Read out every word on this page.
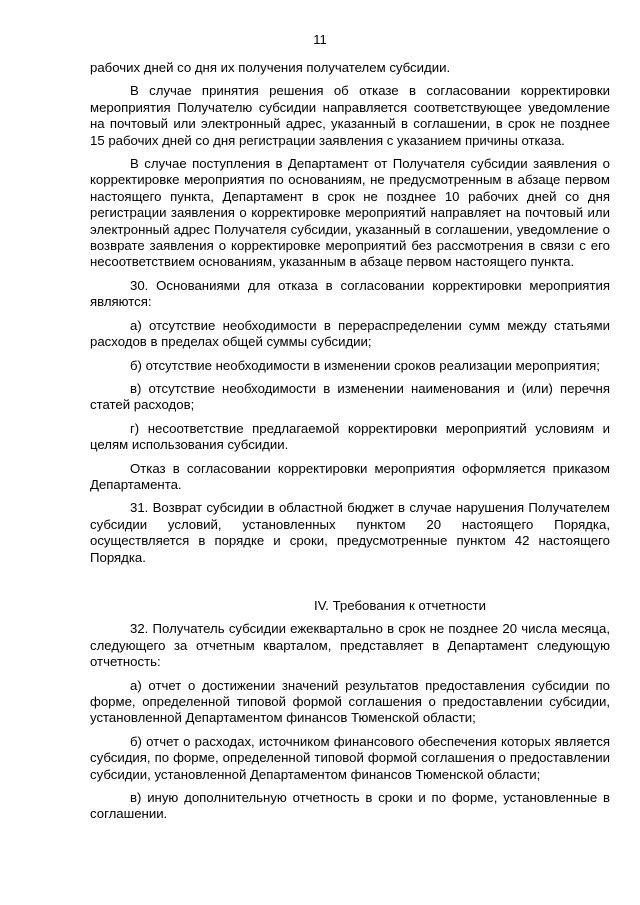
11

рабочих дней со дня их получения получателем субсидии.

В случае принятия решения об отказе в согласовании корректировки мероприятия Получателю субсидии направляется соответствующее уведомление на почтовый или электронный адрес, указанный в соглашении, в срок не позднее 15 рабочих дней со дня регистрации заявления с указанием причины отказа.

В случае поступления в Департамент от Получателя субсидии заявления о корректировке мероприятия по основаниям, не предусмотренным в абзаце первом настоящего пункта, Департамент в срок не позднее 10 рабочих дней со дня регистрации заявления о корректировке мероприятий направляет на почтовый или электронный адрес Получателя субсидии, указанный в соглашении, уведомление о возврате заявления о корректировке мероприятий без рассмотрения в связи с его несоответствием основаниям, указанным в абзаце первом настоящего пункта.

30. Основаниями для отказа в согласовании корректировки мероприятия являются:

а) отсутствие необходимости в перераспределении сумм между статьями расходов в пределах общей суммы субсидии;

б) отсутствие необходимости в изменении сроков реализации мероприятия;

в) отсутствие необходимости в изменении наименования и (или) перечня статей расходов;

г) несоответствие предлагаемой корректировки мероприятий условиям и целям использования субсидии.

Отказ в согласовании корректировки мероприятия оформляется приказом Департамента.

31. Возврат субсидии в областной бюджет в случае нарушения Получателем субсидии условий, установленных пунктом 20 настоящего Порядка, осуществляется в порядке и сроки, предусмотренные пунктом 42 настоящего Порядка.

IV. Требования к отчетности

32. Получатель субсидии ежеквартально в срок не позднее 20 числа месяца, следующего за отчетным кварталом, представляет в Департамент следующую отчетность:

а) отчет о достижении значений результатов предоставления субсидии по форме, определенной типовой формой соглашения о предоставлении субсидии, установленной Департаментом финансов Тюменской области;

б) отчет о расходах, источником финансового обеспечения которых является субсидия, по форме, определенной типовой формой соглашения о предоставлении субсидии, установленной Департаментом финансов Тюменской области;

в) иную дополнительную отчетность в сроки и по форме, установленные в соглашении.
